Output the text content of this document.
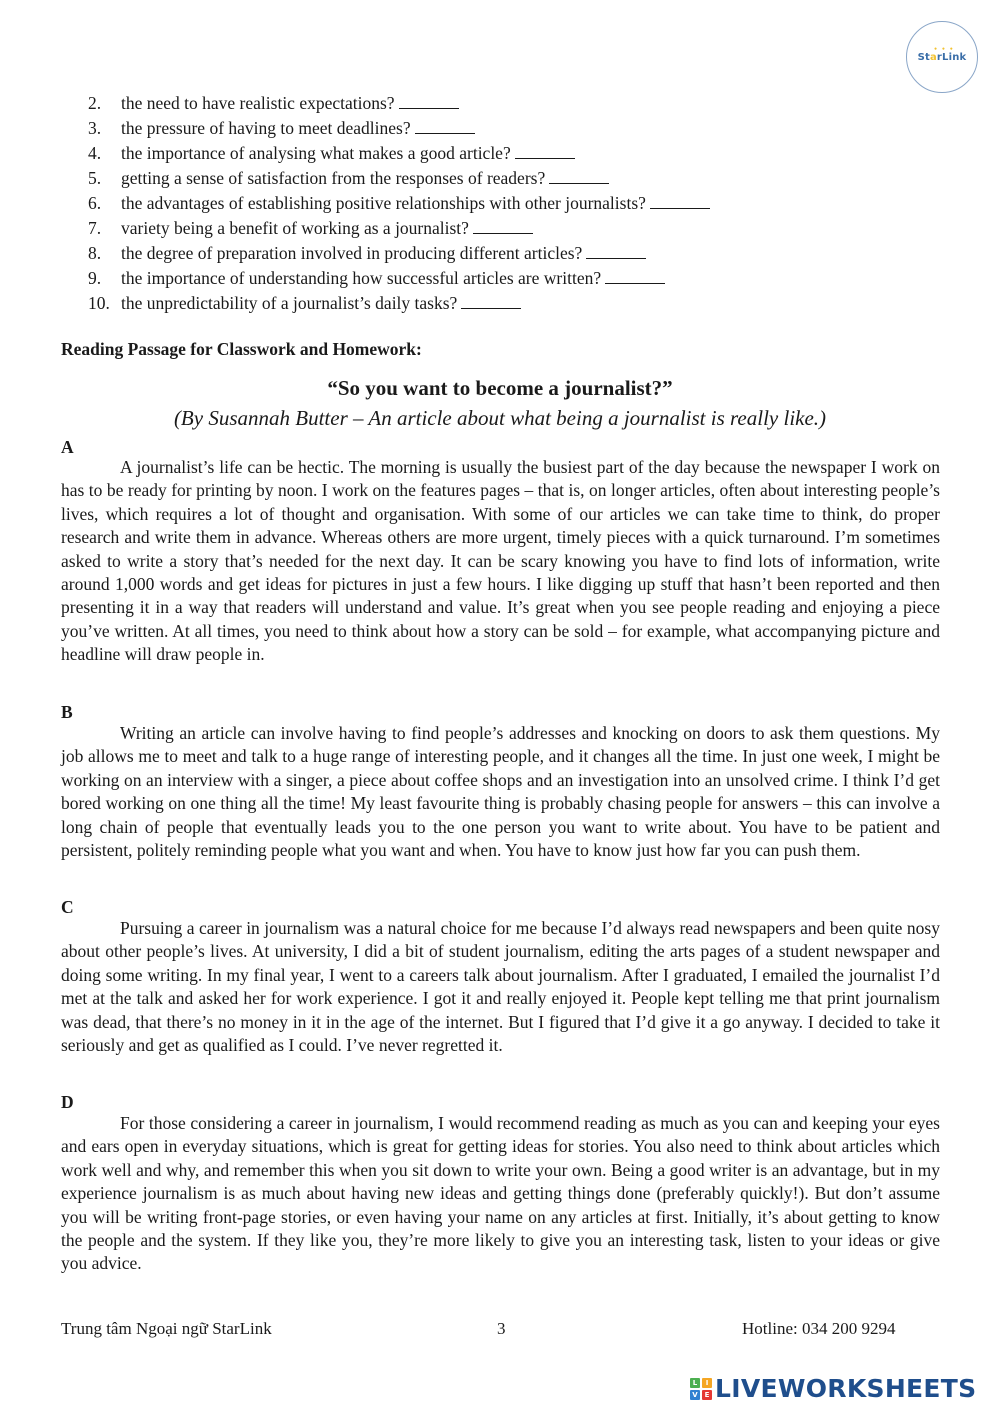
• • •
StarLink
2. the need to have realistic expectations?
3. the pressure of having to meet deadlines?
4. the importance of analysing what makes a good article?
5. getting a sense of satisfaction from the responses of readers?
6. the advantages of establishing positive relationships with other journalists?
7. variety being a benefit of working as a journalist?
8. the degree of preparation involved in producing different articles?
9. the importance of understanding how successful articles are written?
10. the unpredictability of a journalist’s daily tasks?
Reading Passage for Classwork and Homework:
“So you want to become a journalist?”
(By Susannah Butter – An article about what being a journalist is really like.)
A

A journalist’s life can be hectic. The morning is usually the busiest part of the day because the newspaper I work on has to be ready for printing by noon. I work on the features pages – that is, on longer articles, often about interesting people’s lives, which requires a lot of thought and organisation. With some of our articles we can take time to think, do proper research and write them in advance. Whereas others are more urgent, timely pieces with a quick turnaround. I’m sometimes asked to write a story that’s needed for the next day. It can be scary knowing you have to find lots of information, write around 1,000 words and get ideas for pictures in just a few hours. I like digging up stuff that hasn’t been reported and then presenting it in a way that readers will understand and value. It’s great when you see people reading and enjoying a piece you’ve written. At all times, you need to think about how a story can be sold – for example, what accompanying picture and headline will draw people in.

B

Writing an article can involve having to find people’s addresses and knocking on doors to ask them questions. My job allows me to meet and talk to a huge range of interesting people, and it changes all the time. In just one week, I might be working on an interview with a singer, a piece about coffee shops and an investigation into an unsolved crime. I think I’d get bored working on one thing all the time! My least favourite thing is probably chasing people for answers – this can involve a long chain of people that eventually leads you to the one person you want to write about. You have to be patient and persistent, politely reminding people what you want and when. You have to know just how far you can push them.

C

Pursuing a career in journalism was a natural choice for me because I’d always read newspapers and been quite nosy about other people’s lives. At university, I did a bit of student journalism, editing the arts pages of a student newspaper and doing some writing. In my final year, I went to a careers talk about journalism. After I graduated, I emailed the journalist I’d met at the talk and asked her for work experience. I got it and really enjoyed it. People kept telling me that print journalism was dead, that there’s no money in it in the age of the internet. But I figured that I’d give it a go anyway. I decided to take it seriously and get as qualified as I could. I’ve never regretted it.

D

For those considering a career in journalism, I would recommend reading as much as you can and keeping your eyes and ears open in everyday situations, which is great for getting ideas for stories. You also need to think about articles which work well and why, and remember this when you sit down to write your own. Being a good writer is an advantage, but in my experience journalism is as much about having new ideas and getting things done (preferably quickly!). But don’t assume you will be writing front-page stories, or even having your name on any articles at first. Initially, it’s about getting to know the people and the system. If they like you, they’re more likely to give you an interesting task, listen to your ideas or give you advice.

Trung tâm Ngoại ngữ StarLink	3	Hotline: 034 200 9294
L	I
V E LIVEWORKSHEETS
